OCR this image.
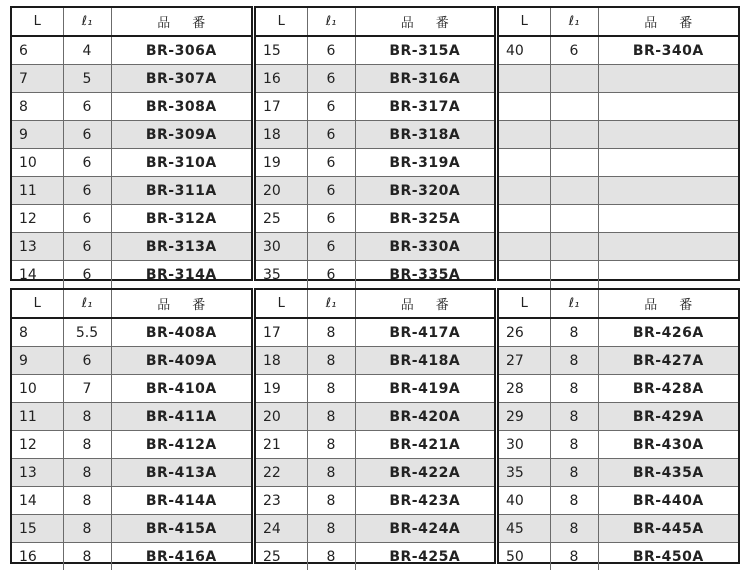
L	ℓ₁	品 番
6	4	BR-306A
7	5	BR-307A
8	6	BR-308A
9	6	BR-309A
10	6	BR-310A
11	6	BR-311A
12	6	BR-312A
13	6	BR-313A
14	6	BR-314A
L	ℓ₁	品 番
15	6	BR-315A
16	6	BR-316A
17	6	BR-317A
18	6	BR-318A
19	6	BR-319A
20	6	BR-320A
25	6	BR-325A
30	6	BR-330A
35	6	BR-335A
L	ℓ₁	品 番
40	6	BR-340A

L	ℓ₁	品 番
8	5.5	BR-408A
9	6	BR-409A
10	7	BR-410A
11	8	BR-411A
12	8	BR-412A
13	8	BR-413A
14	8	BR-414A
15	8	BR-415A
16	8	BR-416A
L	ℓ₁	品 番
17	8	BR-417A
18	8	BR-418A
19	8	BR-419A
20	8	BR-420A
21	8	BR-421A
22	8	BR-422A
23	8	BR-423A
24	8	BR-424A
25	8	BR-425A
L	ℓ₁	品 番
26	8	BR-426A
27	8	BR-427A
28	8	BR-428A
29	8	BR-429A
30	8	BR-430A
35	8	BR-435A
40	8	BR-440A
45	8	BR-445A
50	8	BR-450A
